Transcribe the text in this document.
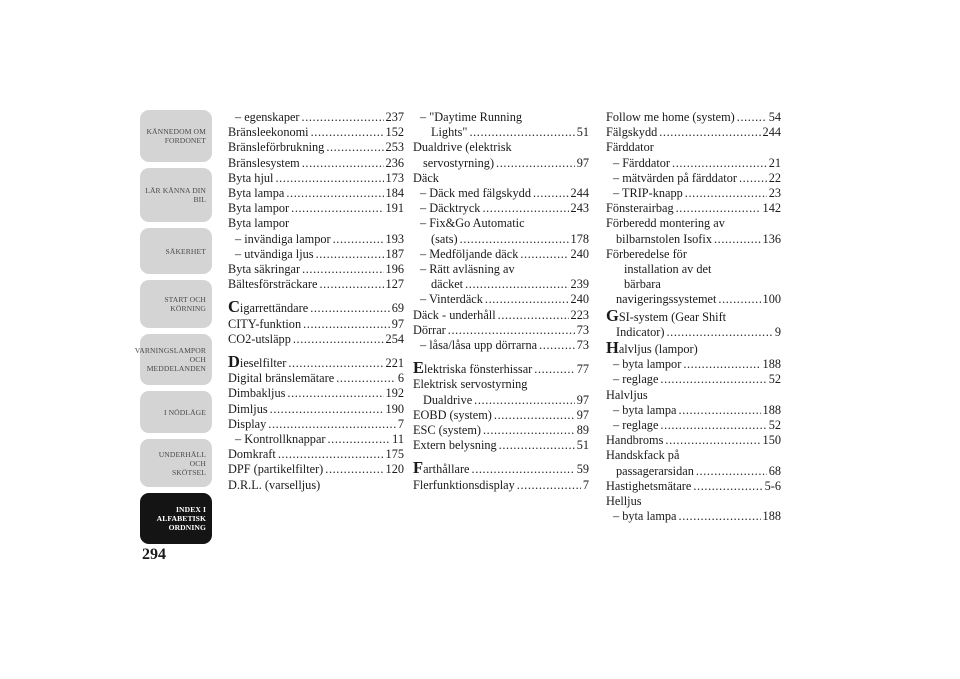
KÄNNEDOM OM
FORDONET
LÄR KÄNNA DIN
BIL
SÄKERHET
START OCH
KÖRNING
VARNINGSLAMPOR
OCH
MEDDELANDEN
I NÖDLÄGE
UNDERHÅLL OCH
SKÖTSEL
INDEX I
ALFABETISK
ORDNING
294
– egenskaper .....	237
Bränsleekonomi .....	152
Bränsleförbrukning .....	253
Bränslesystem .....	236
Byta hjul .....	173
Byta lampa .....	184
Byta lampor .....	191
Byta lampor
– invändiga lampor .....	193
– utvändiga ljus .....	187
Byta säkringar .....	196
Bältesförsträckare .....	127
Cigarrettändare .....	69
CITY-funktion .....	97
CO2-utsläpp .....	254
Dieselfilter .....	221
Digital bränslemätare .....	6
Dimbakljus .....	192
Dimljus .....	190
Display .....	7
– Kontrollknappar .....	11
Domkraft .....	175
DPF (partikelfilter) .....	120
D.R.L. (varselljus)
– "Daytime Running
Lights" .....	51
Dualdrive (elektrisk
servostyrning) .....	97
Däck
– Däck med fälgskydd .....	244
– Däcktryck .....	243
– Fix&Go Automatic
(sats) .....	178
– Medföljande däck .....	240
– Rätt avläsning av
däcket .....	239
– Vinterdäck .....	240
Däck - underhåll .....	223
Dörrar .....	73
– låsa/låsa upp dörrarna .....	73
Elektriska fönsterhissar .....	77
Elektrisk servostyrning
Dualdrive .....	97
EOBD (system) .....	97
ESC (system) .....	89
Extern belysning .....	51
Farthållare .....	59
Flerfunktionsdisplay .....	7
Follow me home (system) .....	54
Fälgskydd .....	244
Färddator
– Färddator .....	21
– mätvärden på färddator .....	22
– TRIP-knapp .....	23
Fönsterairbag .....	142
Förberedd montering av
bilbarnstolen Isofix .....	136
Förberedelse för
installation av det
bärbara
navigeringssystemet .....	100
GSI-system (Gear Shift
Indicator) .....	9
Halvljus (lampor)
– byta lampor .....	188
– reglage .....	52
Halvljus
– byta lampa .....	188
– reglage .....	52
Handbroms .....	150
Handskfack på
passagerarsidan .....	68
Hastighetsmätare .....	5-6
Helljus
– byta lampa .....	188
